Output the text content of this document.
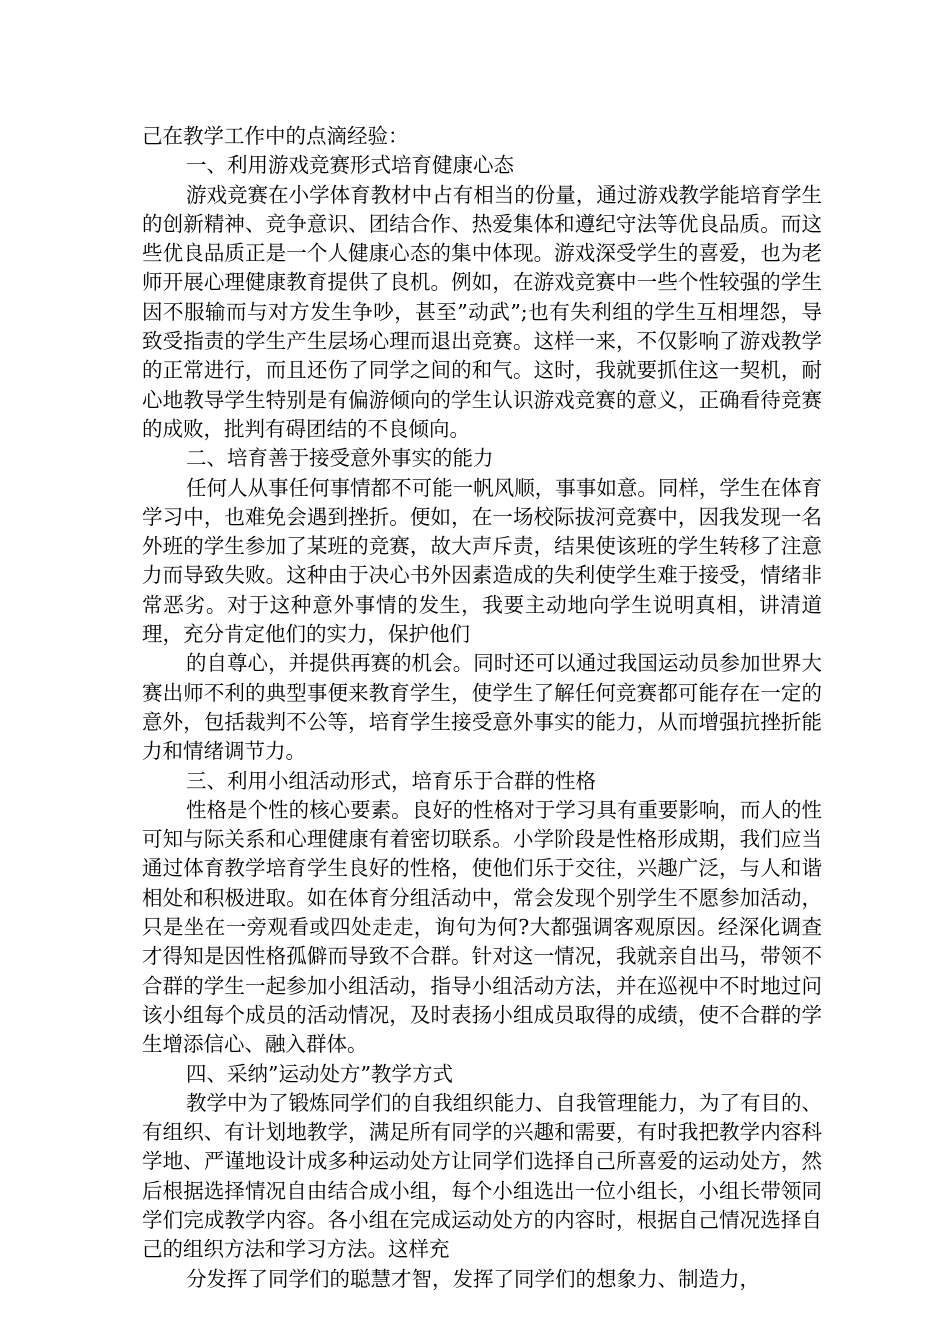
己在教学工作中的点滴经验：

一、利用游戏竞赛形式培育健康心态

游戏竞赛在小学体育教材中占有相当的份量，通过游戏教学能培育学生的创新精神、竞争意识、团结合作、热爱集体和遵纪守法等优良品质。而这些优良品质正是一个人健康心态的集中体现。游戏深受学生的喜爱，也为老师开展心理健康教育提供了良机。例如，在游戏竞赛中一些个性较强的学生因不服输而与对方发生争吵，甚至”动武”;也有失利组的学生互相埋怨，导致受指责的学生产生层场心理而退出竞赛。这样一来，不仅影响了游戏教学的正常进行，而且还伤了同学之间的和气。这时，我就要抓住这一契机，耐心地教导学生特别是有偏游倾向的学生认识游戏竞赛的意义，正确看待竞赛的成败，批判有碍团结的不良倾向。

二、培育善于接受意外事实的能力

任何人从事任何事情都不可能一帆风顺，事事如意。同样，学生在体育学习中，也难免会遇到挫折。便如，在一场校际拔河竞赛中，因我发现一名外班的学生参加了某班的竞赛，故大声斥责，结果使该班的学生转移了注意力而导致失败。这种由于决心书外因素造成的失利使学生难于接受，情绪非常恶劣。对于这种意外事情的发生，我要主动地向学生说明真相，讲清道理，充分肯定他们的实力，保护他们

的自尊心，并提供再赛的机会。同时还可以通过我国运动员参加世界大赛出师不利的典型事便来教育学生，使学生了解任何竞赛都可能存在一定的意外，包括裁判不公等，培育学生接受意外事实的能力，从而增强抗挫折能力和情绪调节力。

三、利用小组活动形式，培育乐于合群的性格

性格是个性的核心要素。良好的性格对于学习具有重要影响，而人的性可知与际关系和心理健康有着密切联系。小学阶段是性格形成期，我们应当通过体育教学培育学生良好的性格，使他们乐于交往，兴趣广泛，与人和谐相处和积极进取。如在体育分组活动中，常会发现个别学生不愿参加活动，只是坐在一旁观看或四处走走，询句为何?大都强调客观原因。经深化调查才得知是因性格孤僻而导致不合群。针对这一情况，我就亲自出马，带领不合群的学生一起参加小组活动，指导小组活动方法，并在巡视中不时地过问该小组每个成员的活动情况，及时表扬小组成员取得的成绩，使不合群的学生增添信心、融入群体。

四、采纳”运动处方”教学方式

教学中为了锻炼同学们的自我组织能力、自我管理能力，为了有目的、有组织、有计划地教学，满足所有同学的兴趣和需要，有时我把教学内容科学地、严谨地设计成多种运动处方让同学们选择自己所喜爱的运动处方，然后根据选择情况自由结合成小组，每个小组选出一位小组长，小组长带领同学们完成教学内容。各小组在完成运动处方的内容时，根据自己情况选择自己的组织方法和学习方法。这样充

分发挥了同学们的聪慧才智，发挥了同学们的想象力、制造力，
